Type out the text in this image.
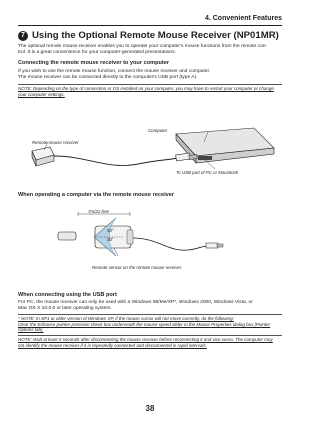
4. Convenient Features
7 Using the Optional Remote Mouse Receiver (NP01MR)
The optional remote mouse receiver enables you to operate your computer's mouse functions from the remote con-
trol. It is a great convenience for your computer-generated presentations.
Connecting the remote mouse receiver to your computer
If you wish to use the remote mouse function, connect the mouse receiver and computer.
The mouse receiver can be connected directly to the computer's USB port (type A).
NOTE: Depending on the type of connection or OS installed on your computer, you may have to restart your computer or change
your computer settings.
Computer
Remote mouse receiver
To USB port of PC or Macintosh
When operating a computer via the remote mouse receiver
7m/22 feet
30°
30°
Remote sensor on the remote mouse receiver
When connecting using the USB port
For PC, the mouse receiver can only be used with a Windows 98/Me/XP*, Windows 2000, Windows Vista, or
Mac OS X 10.0.0 or later operating system.
* NOTE: In SP1 or older version of Windows XP, if the mouse cursor will not move correctly, do the following:
Clear the Enhance pointer precision check box underneath the mouse speed slider in the Mouse Properties dialog box [Pointer
Options tab].
NOTE: Wait at least 5 seconds after disconnecting the mouse receiver before reconnecting it and vice versa. The computer may
not identify the mouse receiver if it is repeatedly connected and disconnected in rapid intervals.
38
